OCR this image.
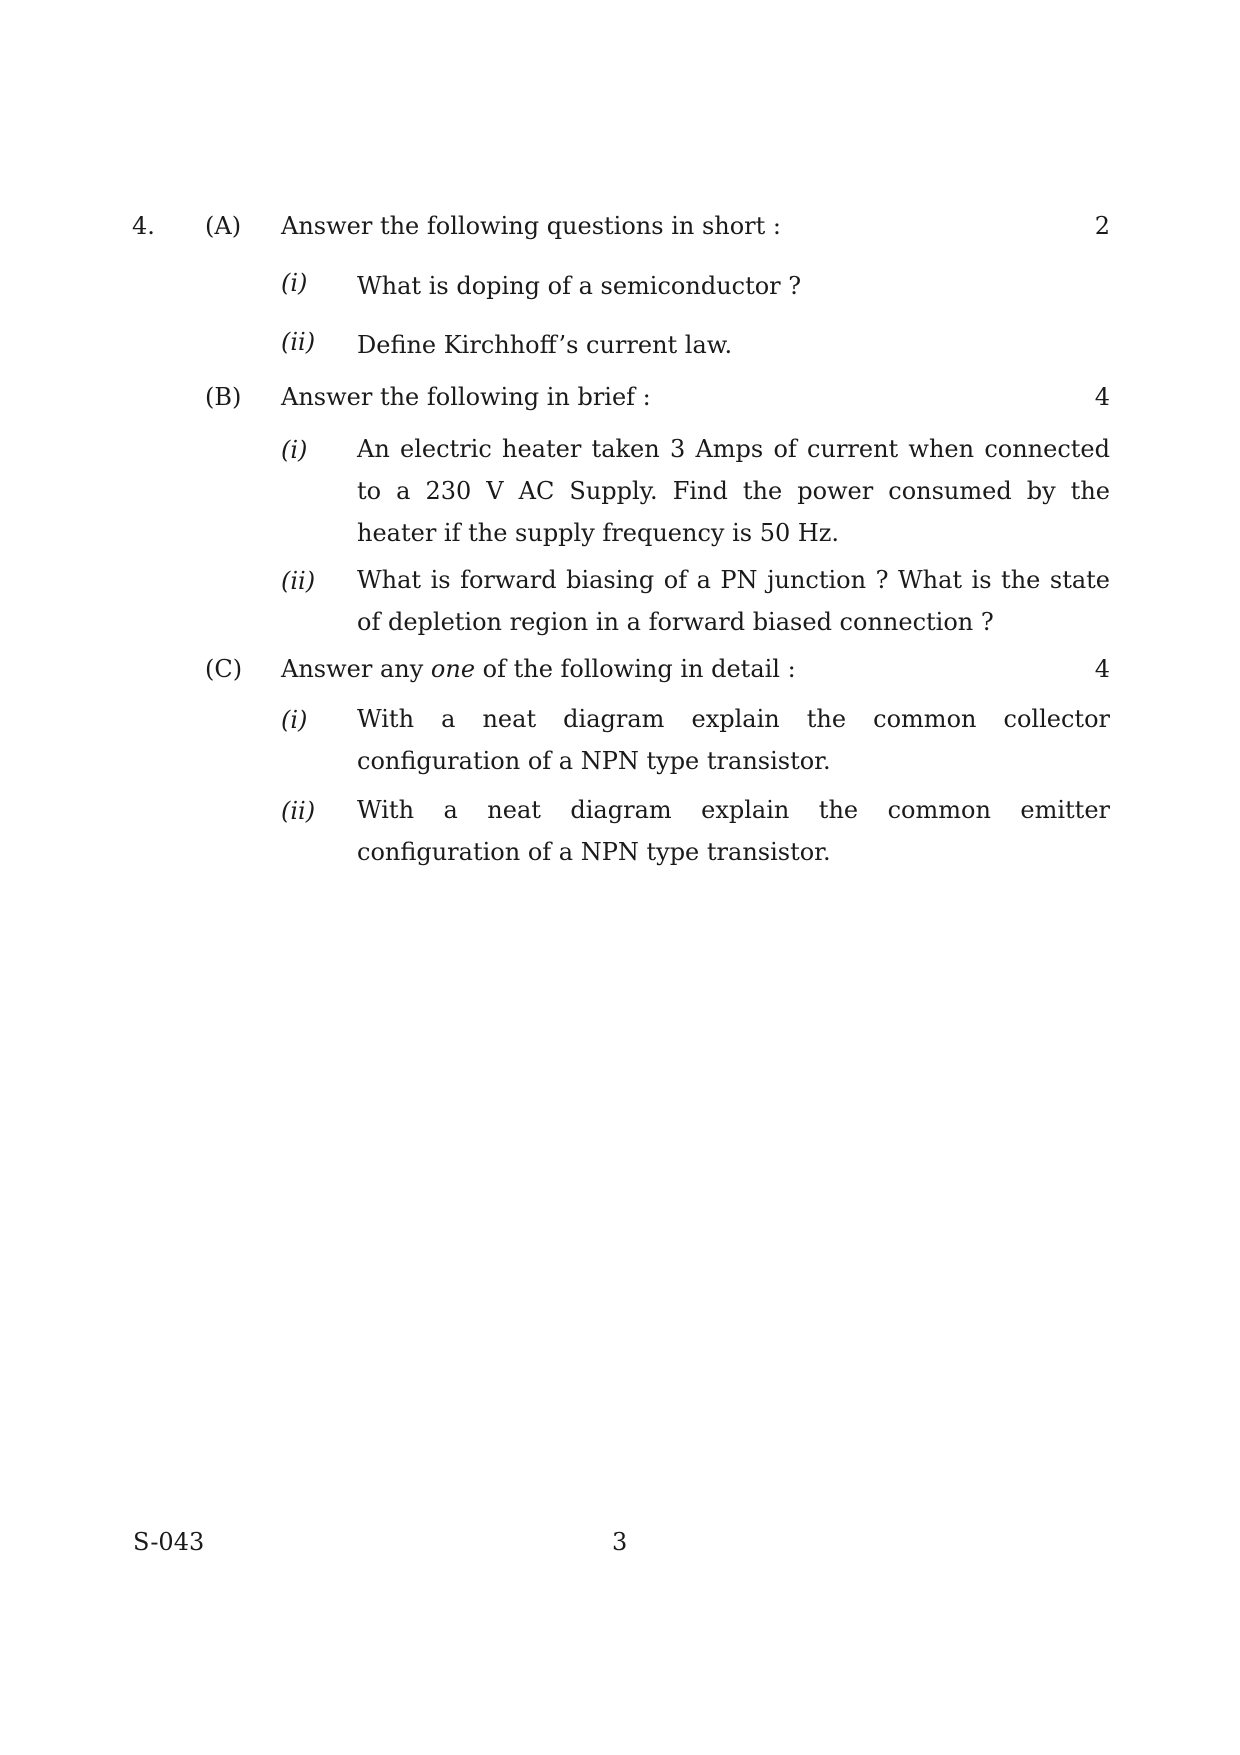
4. (A) Answer the following questions in short :	2
(i) What is doping of a semiconductor ?
(ii) Define Kirchhoff’s current law.
(B) Answer the following in brief :	4
(i) An electric heater taken 3 Amps of current when connected to a 230 V AC Supply. Find the power consumed by the heater if the supply frequency is 50 Hz.
(ii) What is forward biasing of a PN junction ? What is the state of depletion region in a forward biased connection ?
(C) Answer any one of the following in detail :	4
(i) With a neat diagram explain the common collector configuration of a NPN type transistor.
(ii) With a neat diagram explain the common emitter configuration of a NPN type transistor.
S-043	3
